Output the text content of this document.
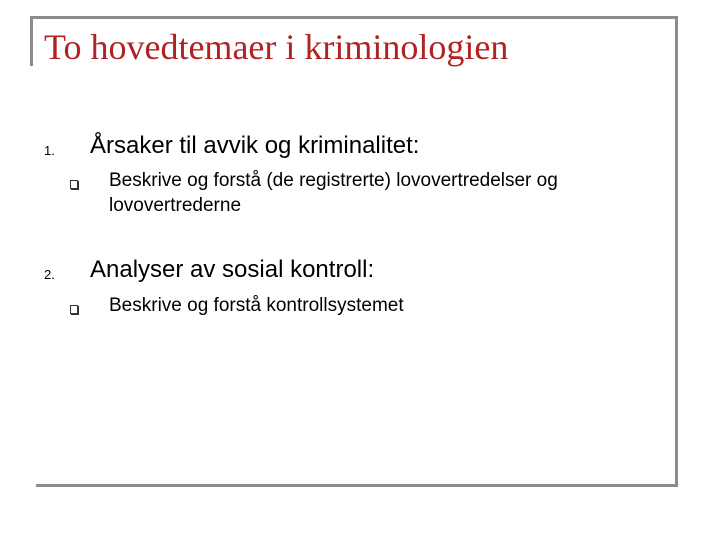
To hovedtemaer i kriminologien
1. Årsaker til avvik og kriminalitet:
Beskrive og forstå (de registrerte) lovovertredelser og lovovertrederne
2. Analyser av sosial kontroll:
Beskrive og forstå kontrollsystemet
